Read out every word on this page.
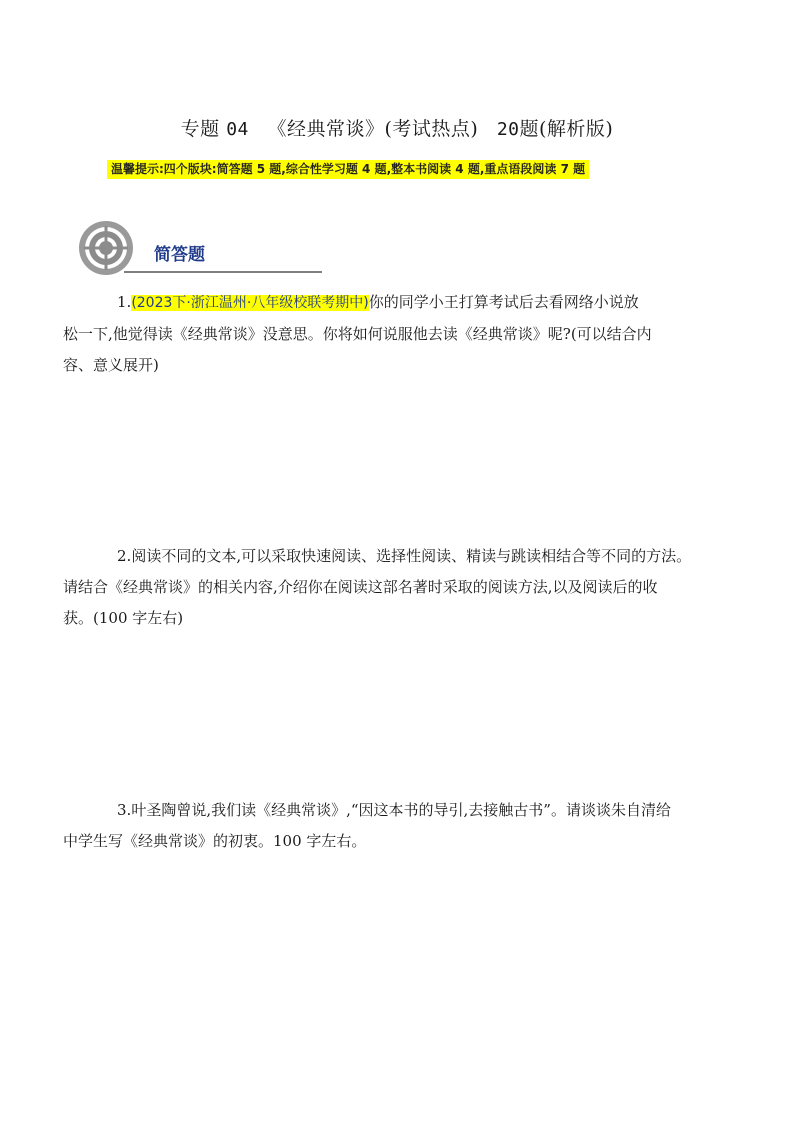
专题 04 《经典常谈》(考试热点) 20题(解析版)
温馨提示:四个版块:简答题 5 题,综合性学习题 4 题,整本书阅读 4 题,重点语段阅读 7 题
简答题
1.(2023下·浙江温州·八年级校联考期中)你的同学小王打算考试后去看网络小说放
松一下,他觉得读《经典常谈》没意思。你将如何说服他去读《经典常谈》呢?(可以结合内
容、意义展开)
2.阅读不同的文本,可以采取快速阅读、选择性阅读、精读与跳读相结合等不同的方法。
请结合《经典常谈》的相关内容,介绍你在阅读这部名著时采取的阅读方法,以及阅读后的收
获。(100 字左右)
3.叶圣陶曾说,我们读《经典常谈》,“因这本书的导引,去接触古书”。请谈谈朱自清给
中学生写《经典常谈》的初衷。100 字左右。
